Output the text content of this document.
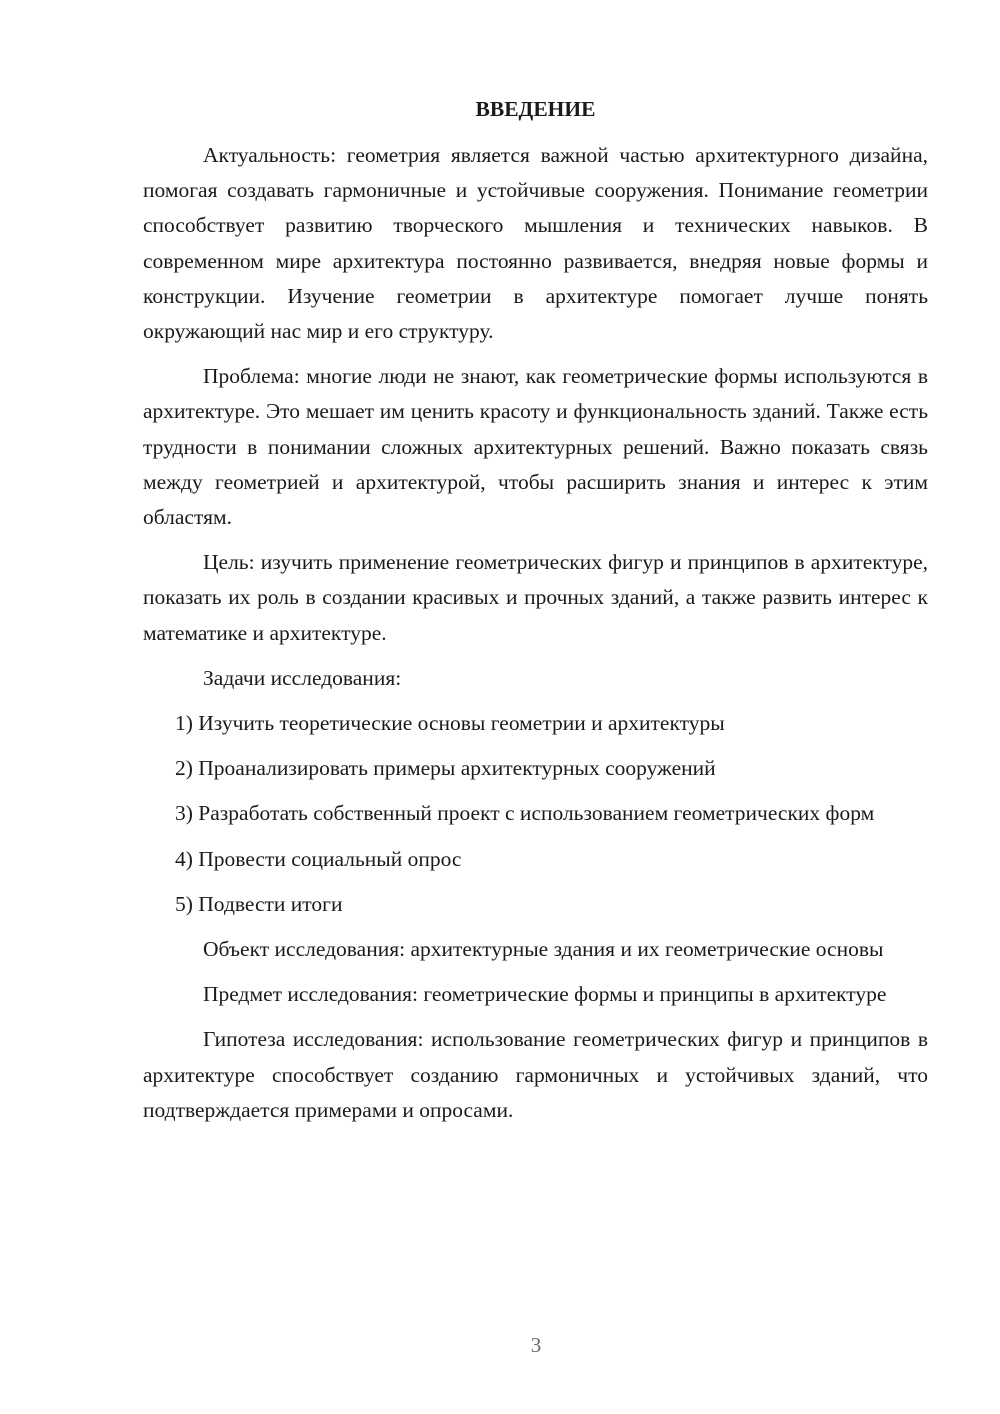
ВВЕДЕНИЕ

Актуальность: геометрия является важной частью архитектурного дизайна, помогая создавать гармоничные и устойчивые сооружения. Понимание геометрии способствует развитию творческого мышления и технических навыков. В современном мире архитектура постоянно развивается, внедряя новые формы и конструкции. Изучение геометрии в архитектуре помогает лучше понять окружающий нас мир и его структуру.

Проблема: многие люди не знают, как геометрические формы используются в архитектуре. Это мешает им ценить красоту и функциональность зданий. Также есть трудности в понимании сложных архитектурных решений. Важно показать связь между геометрией и архитектурой, чтобы расширить знания и интерес к этим областям.

Цель: изучить применение геометрических фигур и принципов в архитектуре, показать их роль в создании красивых и прочных зданий, а также развить интерес к математике и архитектуре.

Задачи исследования:

1) Изучить теоретические основы геометрии и архитектуры

2) Проанализировать примеры архитектурных сооружений

3) Разработать собственный проект с использованием геометрических форм

4) Провести социальный опрос

5) Подвести итоги

Объект исследования: архитектурные здания и их геометрические основы

Предмет исследования: геометрические формы и принципы в архитектуре

Гипотеза исследования: использование геометрических фигур и принципов в архитектуре способствует созданию гармоничных и устойчивых зданий, что подтверждается примерами и опросами.

3
